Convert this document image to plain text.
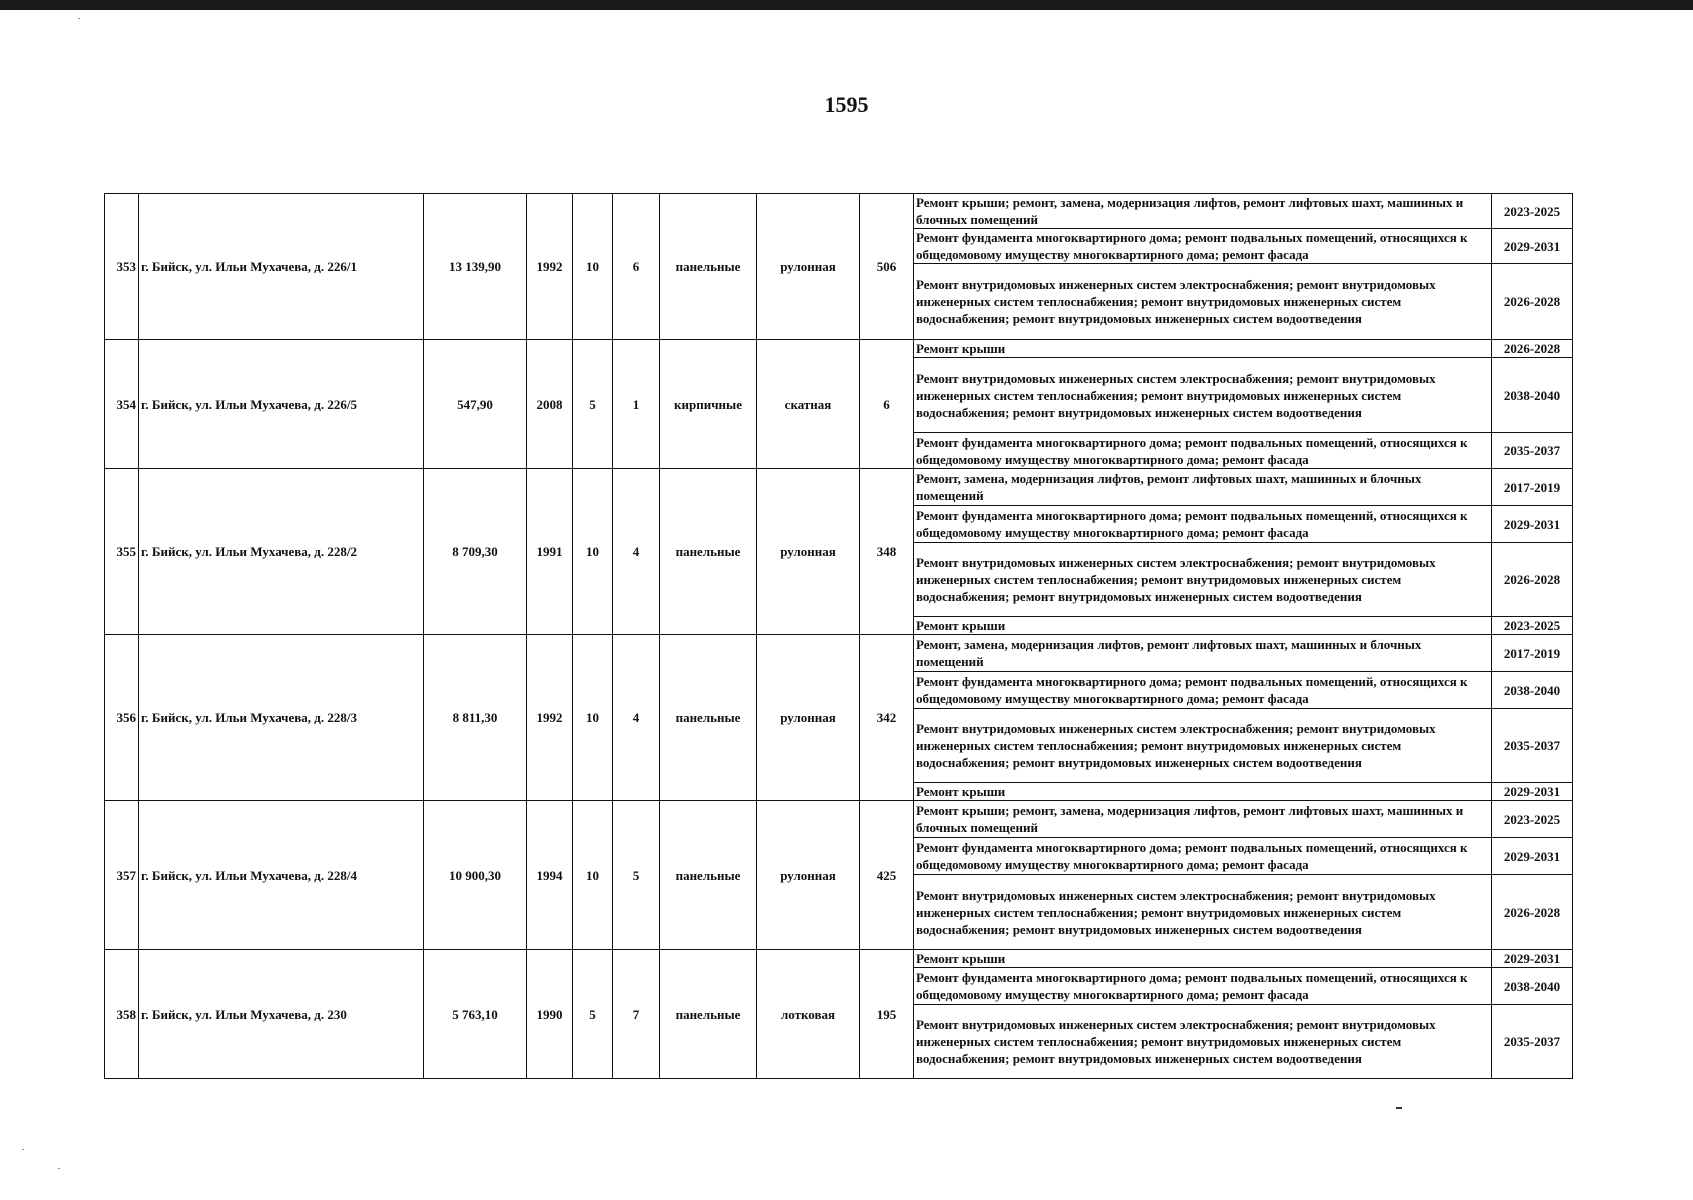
1595
353	г. Бийск, ул. Ильи Мухачева, д. 226/1	13 139,90	1992	10	6	панельные	рулонная	506	Ремонт крыши; ремонт, замена, модернизация лифтов, ремонт лифтовых шахт, машинных и блочных помещений	2023-2025
									Ремонт фундамента многоквартирного дома; ремонт подвальных помещений, относящихся к общедомовому имуществу многоквартирного дома; ремонт фасада	2029-2031
									Ремонт внутридомовых инженерных систем электроснабжения; ремонт внутридомовых инженерных систем теплоснабжения; ремонт внутридомовых инженерных систем водоснабжения; ремонт внутридомовых инженерных систем водоотведения	2026-2028
354	г. Бийск, ул. Ильи Мухачева, д. 226/5	547,90	2008	5	1	кирпичные	скатная	6	Ремонт крыши	2026-2028
									Ремонт внутридомовых инженерных систем электроснабжения; ремонт внутридомовых инженерных систем теплоснабжения; ремонт внутридомовых инженерных систем водоснабжения; ремонт внутридомовых инженерных систем водоотведения	2038-2040
									Ремонт фундамента многоквартирного дома; ремонт подвальных помещений, относящихся к общедомовому имуществу многоквартирного дома; ремонт фасада	2035-2037
355	г. Бийск, ул. Ильи Мухачева, д. 228/2	8 709,30	1991	10	4	панельные	рулонная	348	Ремонт, замена, модернизация лифтов, ремонт лифтовых шахт, машинных и блочных помещений	2017-2019
									Ремонт фундамента многоквартирного дома; ремонт подвальных помещений, относящихся к общедомовому имуществу многоквартирного дома; ремонт фасада	2029-2031
									Ремонт внутридомовых инженерных систем электроснабжения; ремонт внутридомовых инженерных систем теплоснабжения; ремонт внутридомовых инженерных систем водоснабжения; ремонт внутридомовых инженерных систем водоотведения	2026-2028
									Ремонт крыши	2023-2025
356	г. Бийск, ул. Ильи Мухачева, д. 228/3	8 811,30	1992	10	4	панельные	рулонная	342	Ремонт, замена, модернизация лифтов, ремонт лифтовых шахт, машинных и блочных помещений	2017-2019
									Ремонт фундамента многоквартирного дома; ремонт подвальных помещений, относящихся к общедомовому имуществу многоквартирного дома; ремонт фасада	2038-2040
									Ремонт внутридомовых инженерных систем электроснабжения; ремонт внутридомовых инженерных систем теплоснабжения; ремонт внутридомовых инженерных систем водоснабжения; ремонт внутридомовых инженерных систем водоотведения	2035-2037
									Ремонт крыши	2029-2031
357	г. Бийск, ул. Ильи Мухачева, д. 228/4	10 900,30	1994	10	5	панельные	рулонная	425	Ремонт крыши; ремонт, замена, модернизация лифтов, ремонт лифтовых шахт, машинных и блочных помещений	2023-2025
									Ремонт фундамента многоквартирного дома; ремонт подвальных помещений, относящихся к общедомовому имуществу многоквартирного дома; ремонт фасада	2029-2031
									Ремонт внутридомовых инженерных систем электроснабжения; ремонт внутридомовых инженерных систем теплоснабжения; ремонт внутридомовых инженерных систем водоснабжения; ремонт внутридомовых инженерных систем водоотведения	2026-2028
358	г. Бийск, ул. Ильи Мухачева, д. 230	5 763,10	1990	5	7	панельные	лотковая	195	Ремонт крыши	2029-2031
									Ремонт фундамента многоквартирного дома; ремонт подвальных помещений, относящихся к общедомовому имуществу многоквартирного дома; ремонт фасада	2038-2040
									Ремонт внутридомовых инженерных систем электроснабжения; ремонт внутридомовых инженерных систем теплоснабжения; ремонт внутридомовых инженерных систем водоснабжения; ремонт внутридомовых инженерных систем водоотведения	2035-2037
